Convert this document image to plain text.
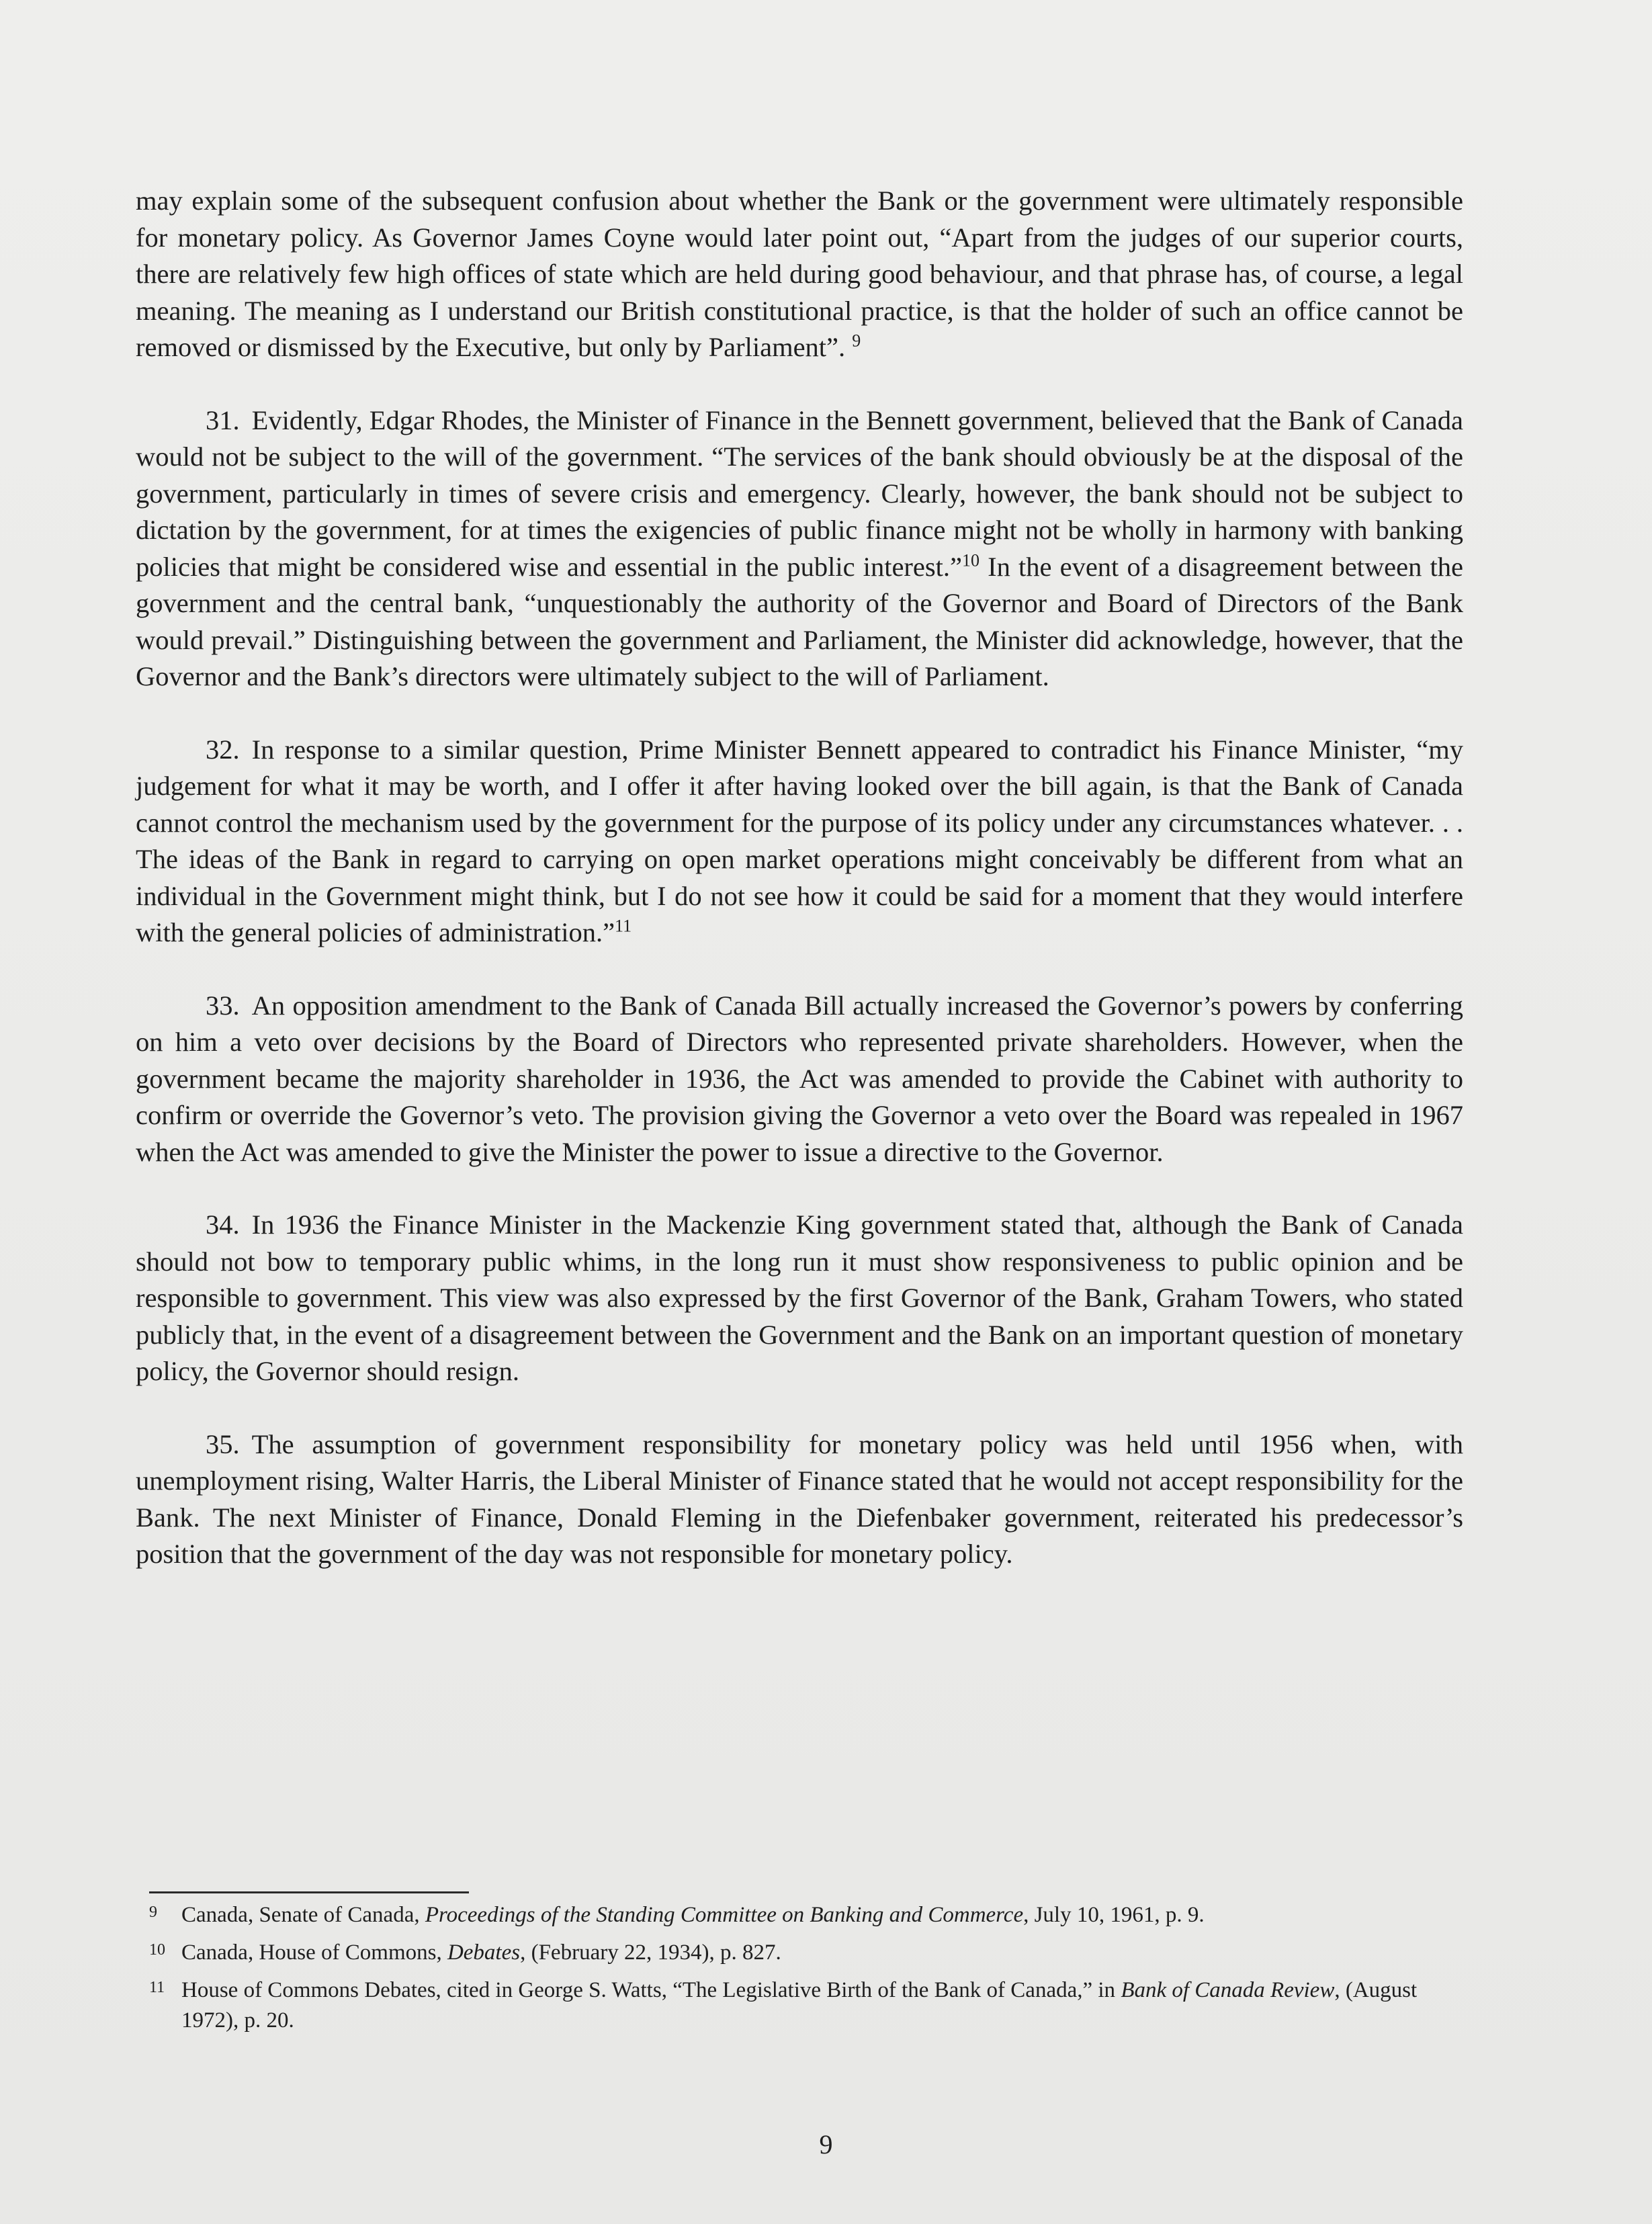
may explain some of the subsequent confusion about whether the Bank or the government were ultimately responsible for monetary policy. As Governor James Coyne would later point out, “Apart from the judges of our superior courts, there are relatively few high offices of state which are held during good behaviour, and that phrase has, of course, a legal meaning. The meaning as I understand our British constitutional practice, is that the holder of such an office cannot be removed or dismissed by the Executive, but only by Parliament”. $^9$

31. Evidently, Edgar Rhodes, the Minister of Finance in the Bennett government, believed that the Bank of Canada would not be subject to the will of the government. “The services of the bank should obviously be at the disposal of the government, particularly in times of severe crisis and emergency. Clearly, however, the bank should not be subject to dictation by the government, for at times the exigencies of public finance might not be wholly in harmony with banking policies that might be considered wise and essential in the public interest.”$^{10}$ In the event of a disagreement between the government and the central bank, “unquestionably the authority of the Governor and Board of Directors of the Bank would prevail.” Distinguishing between the government and Parliament, the Minister did acknowledge, however, that the Governor and the Bank’s directors were ultimately subject to the will of Parliament.

32. In response to a similar question, Prime Minister Bennett appeared to contradict his Finance Minister, “my judgement for what it may be worth, and I offer it after having looked over the bill again, is that the Bank of Canada cannot control the mechanism used by the government for the purpose of its policy under any circumstances whatever. . . The ideas of the Bank in regard to carrying on open market operations might conceivably be different from what an individual in the Government might think, but I do not see how it could be said for a moment that they would interfere with the general policies of administration.”$^{11}$

33. An opposition amendment to the Bank of Canada Bill actually increased the Governor’s powers by conferring on him a veto over decisions by the Board of Directors who represented private shareholders. However, when the government became the majority shareholder in 1936, the Act was amended to provide the Cabinet with authority to confirm or override the Governor’s veto. The provision giving the Governor a veto over the Board was repealed in 1967 when the Act was amended to give the Minister the power to issue a directive to the Governor.

34. In 1936 the Finance Minister in the Mackenzie King government stated that, although the Bank of Canada should not bow to temporary public whims, in the long run it must show responsiveness to public opinion and be responsible to government. This view was also expressed by the first Governor of the Bank, Graham Towers, who stated publicly that, in the event of a disagreement between the Government and the Bank on an important question of monetary policy, the Governor should resign.

35. The assumption of government responsibility for monetary policy was held until 1956 when, with unemployment rising, Walter Harris, the Liberal Minister of Finance stated that he would not accept responsibility for the Bank. The next Minister of Finance, Donald Fleming in the Diefenbaker government, reiterated his predecessor’s position that the government of the day was not responsible for monetary policy.

9 Canada, Senate of Canada, Proceedings of the Standing Committee on Banking and Commerce, July 10, 1961, p. 9.

10 Canada, House of Commons, Debates, (February 22, 1934), p. 827.

11 House of Commons Debates, cited in George S. Watts, “The Legislative Birth of the Bank of Canada,” in Bank of Canada Review, (August 1972), p. 20.

9
